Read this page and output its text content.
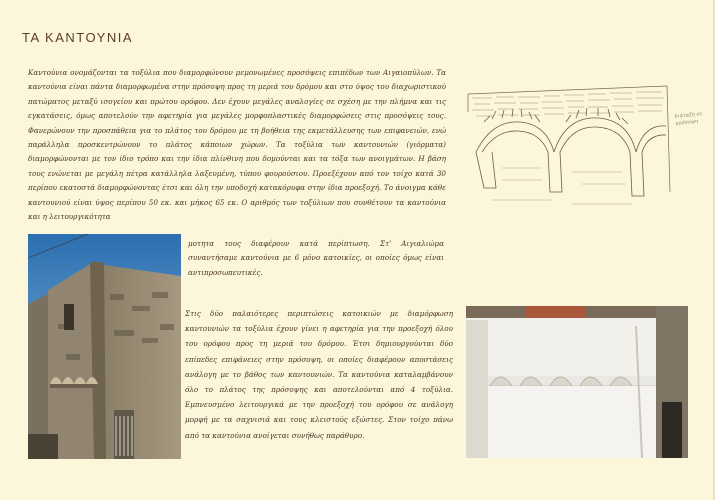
ΤΑ ΚΑΝΤΟΥΝΙΑ

Καντούνια ονομάζονται τα τοξύλια που διαμορφώνουν μεμονωμένες προσόψεις επιπέδων των Αιγαιοπύλων. Τα καντούνια είναι πάντα διαμορφωμένα στην πρόσοψη προς τη μεριά του δρόμου και στο ύψος του διαχωριστικού πατώματος μεταξύ ισογείου και πρώτου ορόφου. Δεν έχουν μεγάλες αναλογίες σε σχέση με την πλήμνα και τις εγκατάσεις, όμως αποτελούν την αφετηρία για μεγάλες μορφοπλαστικές διαμορφώσεις στις προσόψεις τους. Φανερώνουν την προσπάθεια για το πλάτος του δρόμου με τη βοήθεια της εκμετάλλευσης των επιφανειών, ενώ παράλληλα προσκεντρώνουν το πλάτος κάποιων χώρων. Τα τοξύλια των καντουνιών (γιόρματα) διαμορφώνονται με τον ίδιο τρόπο και την ίδια πλίνθινη που δομούνται και τα τόξα των ανοιγμάτων. Η βάση τους ενώνεται με μεγάλη πέτρα κατάλληλα λαξευμένη, τύπου φουρούσιου. Προεξέχουν από τον τοίχο κατά 30 περίπου εκατοστά διαμορφώνοντας έτσι και όλη την υποδοχή κατακόρυφα στην ίδια προεξοχή. Το άνοιγμα κάθε καντουνιού είναι ύψος περίπου 50 εκ. και μήκος 65 εκ. Ο αριθμός των τοξύλιων που συνθέτουν τα καντούνια και η λειτουργικότητα

διάταξη σε πρόσοψη

μοτητα τους διαφέρουν κατά περίπτωση. Στ' Αιγιαλιώμα συναντήσαμε καντούνια με 6 μόνο κατοικίες, οι οποίες όμως είναι αντιπροσωπευτικές.

Στις δύο παλαιότερες περιπτώσεις κατοικιών με διαμόρφωση καντουνιών τα τοξύλια έχουν γίνει η αφετηρία για την προεξοχή όλου του ορόφου προς τη μεριά του δρόμου. Έτσι δημιουργούνται δύο επίπεδες επιφάνειες στην πρόσοψη, οι οποίες διαφέρουν αποστάσεις ανάλογη με το βάθος των καντουνιών. Τα καντούνια καταλαμβάνουν όλο το πλάτος της πρόσοψης και αποτελούνται από 4 τοξύλια. Εμπνευσμένο λειτουργικά με την προεξοχή του ορόφου σε ανάλογη μορφή με τα σαχνισιά και τους κλειστούς εξώστες. Στον τοίχο πάνω από τα καντούνια ανοίγεται συνήθως παράθυρο.
